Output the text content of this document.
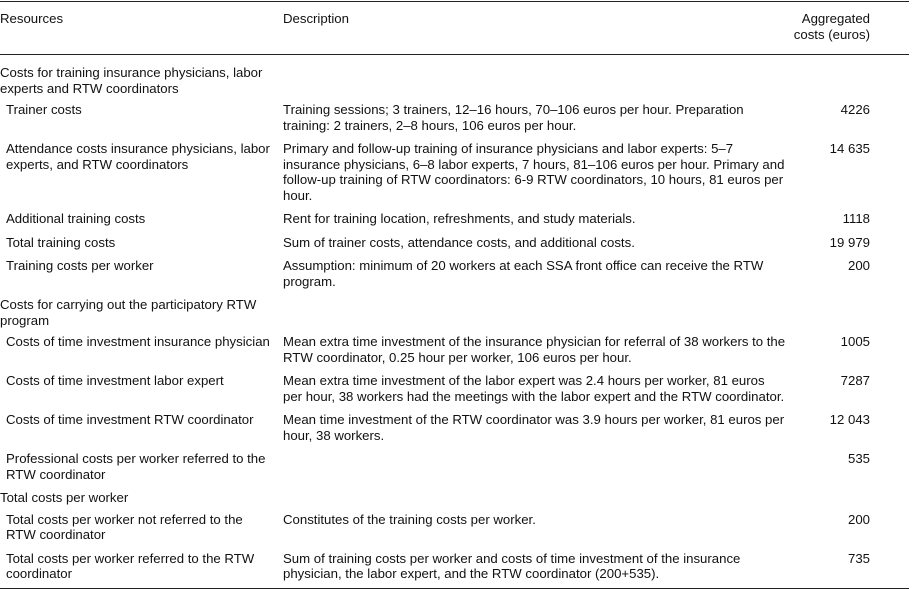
Resources	Description	Aggregated costs (euros)
Costs for training insurance physicians, labor experts and RTW coordinators		
Trainer costs	Training sessions; 3 trainers, 12–16 hours, 70–106 euros per hour. Preparation training: 2 trainers, 2–8 hours, 106 euros per hour.	4226
Attendance costs insurance physicians, labor experts, and RTW coordinators	Primary and follow-up training of insurance physicians and labor experts: 5–7 insurance physicians, 6–8 labor experts, 7 hours, 81–106 euros per hour. Primary and follow-up training of RTW coordinators: 6-9 RTW coordinators, 10 hours, 81 euros per hour.	14 635
Additional training costs	Rent for training location, refreshments, and study materials.	1118
Total training costs	Sum of trainer costs, attendance costs, and additional costs.	19 979
Training costs per worker	Assumption: minimum of 20 workers at each SSA front office can receive the RTW program.	200
Costs for carrying out the participatory RTW program		
Costs of time investment insurance physician	Mean extra time investment of the insurance physician for referral of 38 workers to the RTW coordinator, 0.25 hour per worker, 106 euros per hour.	1005
Costs of time investment labor expert	Mean extra time investment of the labor expert was 2.4 hours per worker, 81 euros per hour, 38 workers had the meetings with the labor expert and the RTW coordinator.	7287
Costs of time investment RTW coordinator	Mean time investment of the RTW coordinator was 3.9 hours per worker, 81 euros per hour, 38 workers.	12 043
Professional costs per worker referred to the RTW coordinator		535
Total costs per worker		
Total costs per worker not referred to the RTW coordinator	Constitutes of the training costs per worker.	200
Total costs per worker referred to the RTW coordinator	Sum of training costs per worker and costs of time investment of the insurance physician, the labor expert, and the RTW coordinator (200+535).	735
